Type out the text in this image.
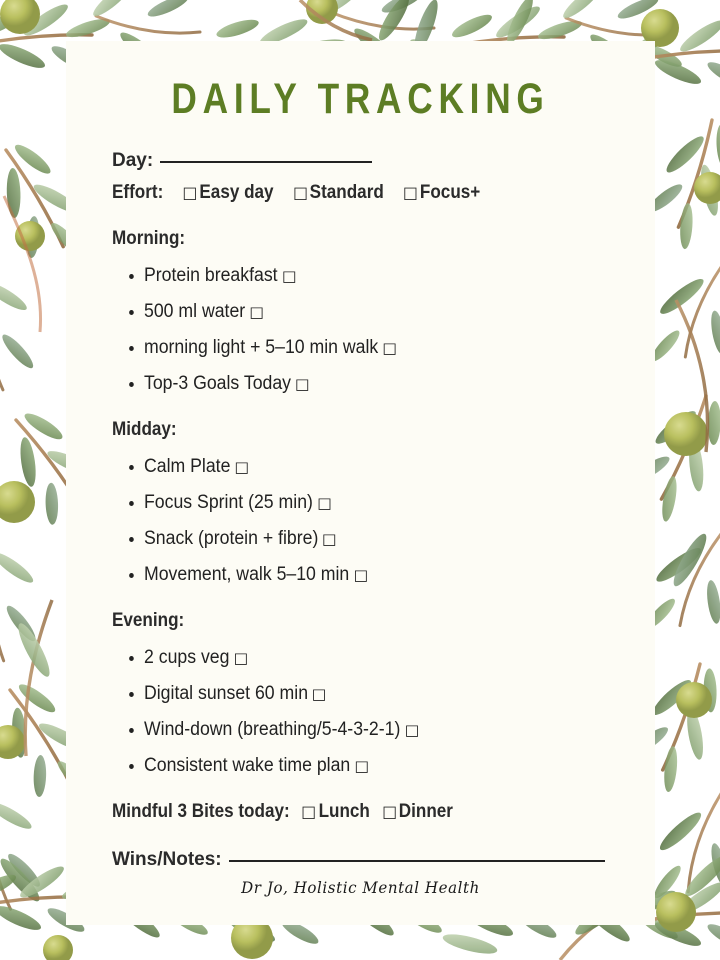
DAILY TRACKING
Day:
Effort: □ Easy day □ Standard □ Focus+
Morning:
Protein breakfast □
500 ml water □
morning light + 5–10 min walk □
Top-3 Goals Today □
Midday:
Calm Plate □
Focus Sprint (25 min) □
Snack (protein + fibre) □
Movement, walk 5–10 min □
Evening:
2 cups veg □
Digital sunset 60 min □
Wind-down (breathing/5-4-3-2-1) □
Consistent wake time plan □
Mindful 3 Bites today: □ Lunch □ Dinner
Wins/Notes:
Dr Jo, Holistic Mental Health
